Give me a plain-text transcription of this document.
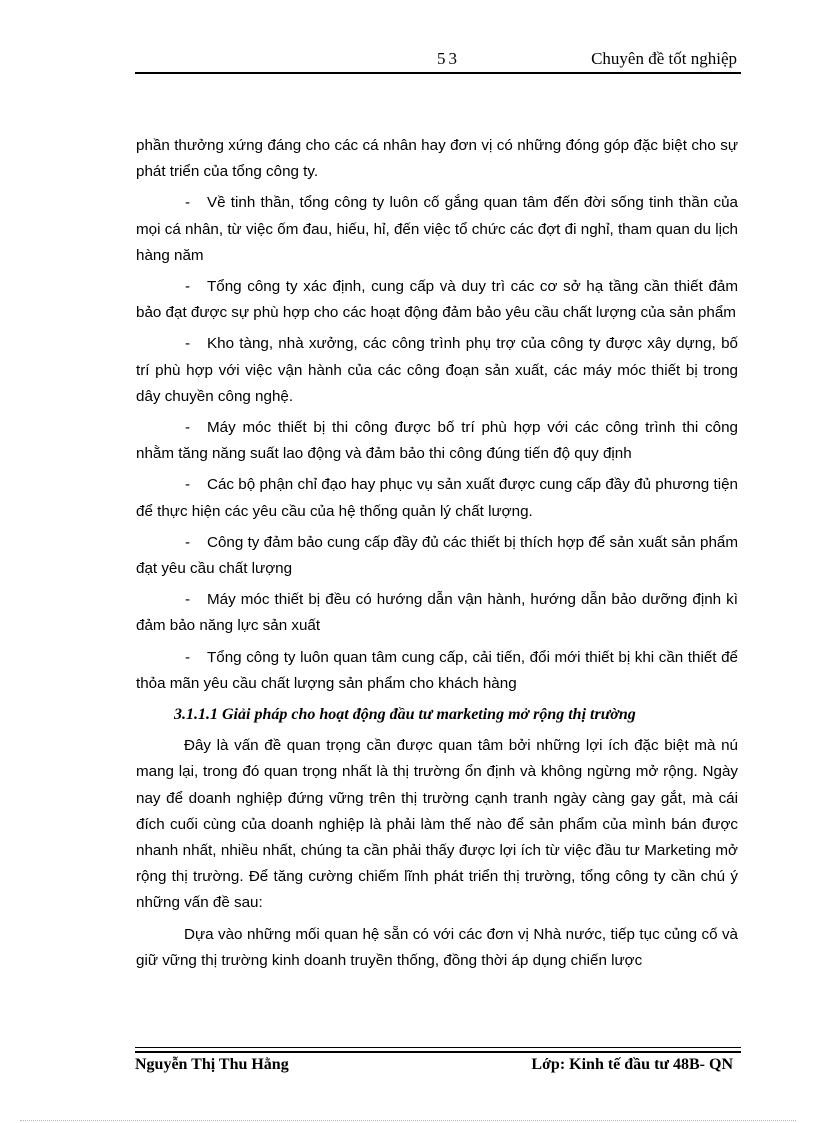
53	Chuyên đề tốt nghiệp

phần thưởng xứng đáng cho các cá nhân hay đơn vị có những đóng góp đặc biệt cho sự phát triển của tổng công ty.

- Về tinh thần, tổng công ty luôn cố gắng quan tâm đến đời sống tinh thần của mọi cá nhân, từ việc ốm đau, hiếu, hỉ, đến việc tổ chức các đợt đi nghỉ, tham quan du lịch hàng năm

- Tổng công ty xác định, cung cấp và duy trì các cơ sở hạ tầng cần thiết đảm bảo đạt được sự phù hợp cho các hoạt động đảm bảo yêu cầu chất lượng của sản phẩm

- Kho tàng, nhà xưởng, các công trình phụ trợ của công ty được xây dựng, bố trí phù hợp với việc vận hành của các công đoạn sản xuất, các máy móc thiết bị trong dây chuyền công nghệ.

- Máy móc thiết bị thi công được bố trí phù hợp với các công trình thi công nhằm tăng năng suất lao động và đảm bảo thi công đúng tiến độ quy định

- Các bộ phận chỉ đạo hay phục vụ sản xuất được cung cấp đầy đủ phương tiện để thực hiện các yêu cầu của hệ thống quản lý chất lượng.

- Công ty đảm bảo cung cấp đầy đủ các thiết bị thích hợp để sản xuất sản phẩm đạt yêu cầu chất lượng

- Máy móc thiết bị đều có hướng dẫn vận hành, hướng dẫn bảo dưỡng định kì đảm bảo năng lực sản xuất

- Tổng công ty luôn quan tâm cung cấp, cải tiến, đổi mới thiết bị khi cần thiết để thỏa mãn yêu cầu chất lượng sản phẩm cho khách hàng

3.1.1.1 Giải pháp cho hoạt động đầu tư marketing mở rộng thị trường

Đây là vấn đề quan trọng cần được quan tâm bởi những lợi ích đặc biệt mà nú mang lại, trong đó quan trọng nhất là thị trường ổn định và không ngừng mở rộng. Ngày nay để doanh nghiệp đứng vững trên thị trường cạnh tranh ngày càng gay gắt, mà cái đích cuối cùng của doanh nghiệp là phải làm thế nào để sản phẩm của mình bán được nhanh nhất, nhiều nhất, chúng ta cần phải thấy được lợi ích từ việc đầu tư Marketing mở rộng thị trường. Để tăng cường chiếm lĩnh phát triển thị trường, tổng công ty cần chú ý những vấn đề sau:

Dựa vào những mối quan hệ sẵn có với các đơn vị Nhà nước, tiếp tục củng cố và giữ vững thị trường kinh doanh truyền thống, đồng thời áp dụng chiến lược

Nguyễn Thị Thu Hằng	Lớp: Kinh tế đầu tư 48B- QN
